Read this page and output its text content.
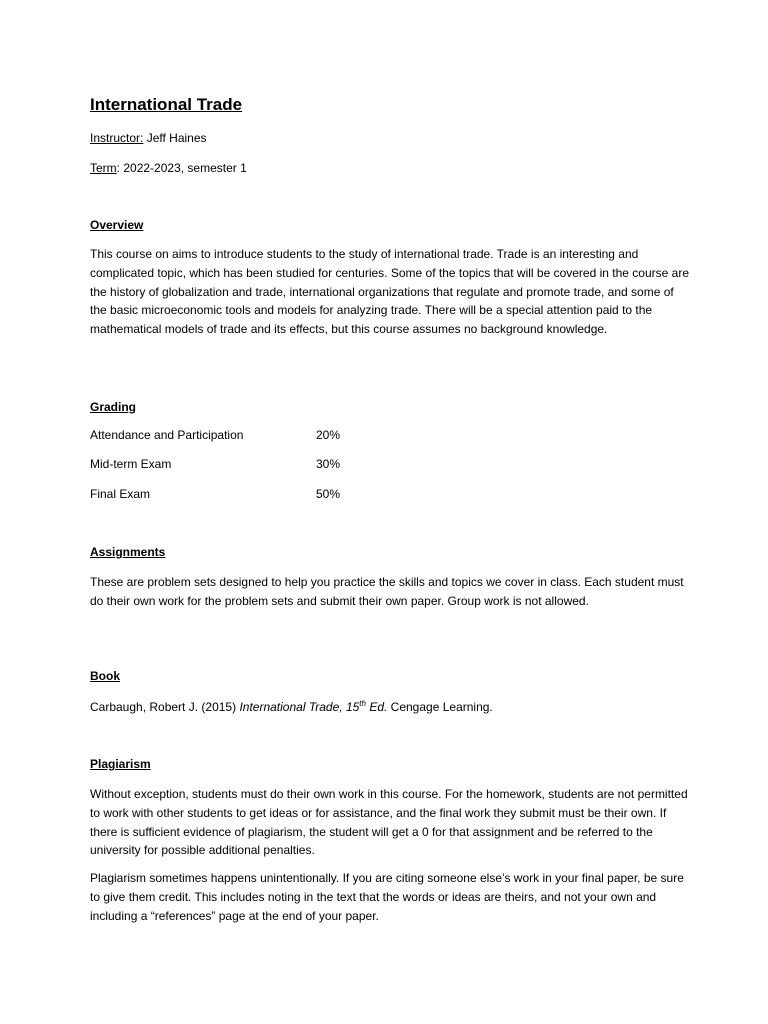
International Trade

Instructor: Jeff Haines

Term: 2022-2023, semester 1

Overview

This course on aims to introduce students to the study of international trade. Trade is an interesting and complicated topic, which has been studied for centuries. Some of the topics that will be covered in the course are the history of globalization and trade, international organizations that regulate and promote trade, and some of the basic microeconomic tools and models for analyzing trade. There will be a special attention paid to the mathematical models of trade and its effects, but this course assumes no background knowledge.

Grading
Attendance and Participation	20%
Mid-term Exam	30%
Final Exam	50%
Assignments

These are problem sets designed to help you practice the skills and topics we cover in class. Each student must do their own work for the problem sets and submit their own paper. Group work is not allowed.

Book

Carbaugh, Robert J. (2015) International Trade, 15th Ed. Cengage Learning.

Plagiarism

Without exception, students must do their own work in this course. For the homework, students are not permitted to work with other students to get ideas or for assistance, and the final work they submit must be their own. If there is sufficient evidence of plagiarism, the student will get a 0 for that assignment and be referred to the university for possible additional penalties.

Plagiarism sometimes happens unintentionally. If you are citing someone else’s work in your final paper, be sure to give them credit. This includes noting in the text that the words or ideas are theirs, and not your own and including a “references” page at the end of your paper.
